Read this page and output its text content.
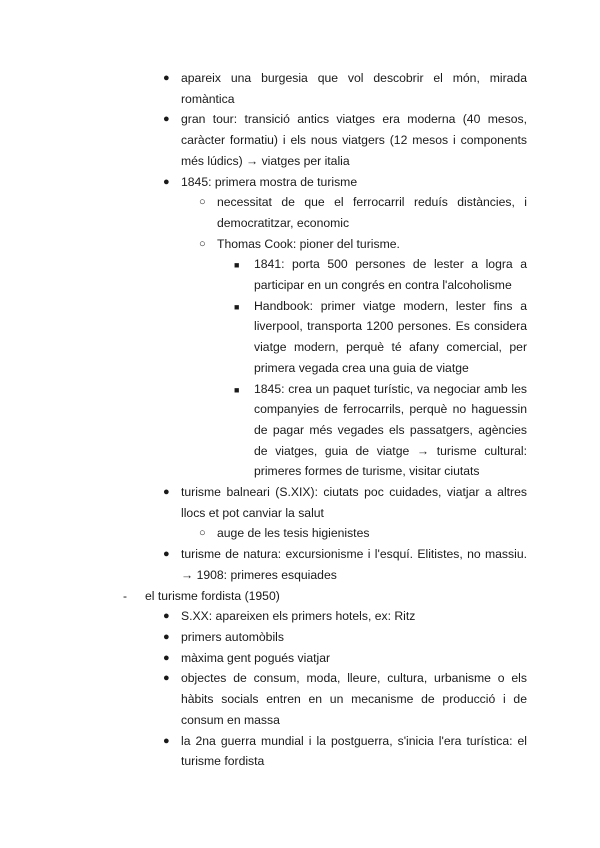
● apareix una burgesia que vol descobrir el món, mirada romàntica
● gran tour: transició antics viatges era moderna (40 mesos, caràcter formatiu) i els nous viatgers (12 mesos i components més lúdics) → viatges per italia
● 1845: primera mostra de turisme
○ necessitat de que el ferrocarril reduís distàncies, i democratitzar, economic
○ Thomas Cook: pioner del turisme.
■ 1841: porta 500 persones de lester a logra a participar en un congrés en contra l'alcoholisme
■ Handbook: primer viatge modern, lester fins a liverpool, transporta 1200 persones. Es considera viatge modern, perquè té afany comercial, per primera vegada crea una guia de viatge
■ 1845: crea un paquet turístic, va negociar amb les companyies de ferrocarrils, perquè no haguessin de pagar més vegades els passatgers, agències de viatges, guia de viatge → turisme cultural: primeres formes de turisme, visitar ciutats
● turisme balneari (S.XIX): ciutats poc cuidades, viatjar a altres llocs et pot canviar la salut
○ auge de les tesis higienistes
● turisme de natura: excursionisme i l'esquí. Elitistes, no massiu. → 1908: primeres esquiades
- el turisme fordista (1950)
● S.XX: apareixen els primers hotels, ex: Ritz
● primers automòbils
● màxima gent pogués viatjar
● objectes de consum, moda, lleure, cultura, urbanisme o els hàbits socials entren en un mecanisme de producció i de consum en massa
● la 2na guerra mundial i la postguerra, s'inicia l'era turística: el turisme fordista
